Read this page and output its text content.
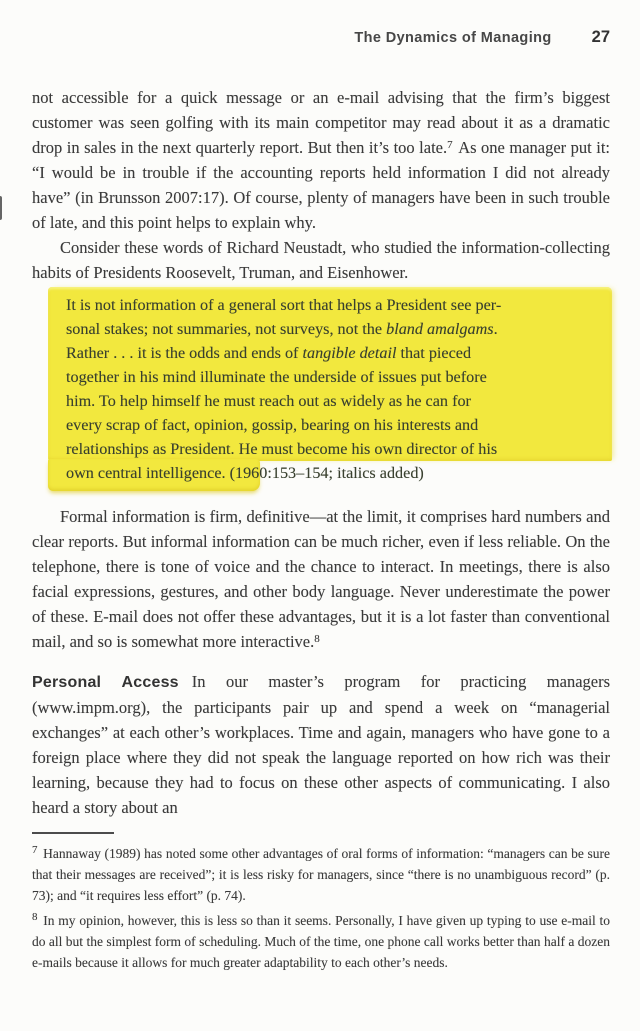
The Dynamics of Managing 27

not accessible for a quick message or an e-mail advising that the firm’s biggest customer was seen golfing with its main competitor may read about it as a dramatic drop in sales in the next quarterly report. But then it’s too late.$^7$ As one manager put it: “I would be in trouble if the accounting reports held information I did not already have” (in Brunsson 2007:17). Of course, plenty of managers have been in such trouble of late, and this point helps to explain why.

Consider these words of Richard Neustadt, who studied the information-collecting habits of Presidents Roosevelt, Truman, and Eisenhower.

It is not information of a general sort that helps a President see per-
sonal stakes; not summaries, not surveys, not the bland amalgams.
Rather . . . it is the odds and ends of tangible detail that pieced
together in his mind illuminate the underside of issues put before
him. To help himself he must reach out as widely as he can for
every scrap of fact, opinion, gossip, bearing on his interests and
relationships as President. He must become his own director of his
own central intelligence. (1960:153–154; italics added)

Formal information is firm, definitive—at the limit, it comprises hard numbers and clear reports. But informal information can be much richer, even if less reliable. On the telephone, there is tone of voice and the chance to interact. In meetings, there is also facial expressions, gestures, and other body language. Never underestimate the power of these. E-mail does not offer these advantages, but it is a lot faster than conventional mail, and so is somewhat more interactive.$^8$

Personal Access In our master’s program for practicing managers (www.impm.org), the participants pair up and spend a week on “managerial exchanges” at each other’s workplaces. Time and again, managers who have gone to a foreign place where they did not speak the language reported on how rich was their learning, because they had to focus on these other aspects of communicating. I also heard a story about an

$^7$ Hannaway (1989) has noted some other advantages of oral forms of information: “managers can be sure that their messages are received”; it is less risky for managers, since “there is no unambiguous record” (p. 73); and “it requires less effort” (p. 74).

$^8$ In my opinion, however, this is less so than it seems. Personally, I have given up typing to use e-mail to do all but the simplest form of scheduling. Much of the time, one phone call works better than half a dozen e-mails because it allows for much greater adaptability to each other’s needs.
